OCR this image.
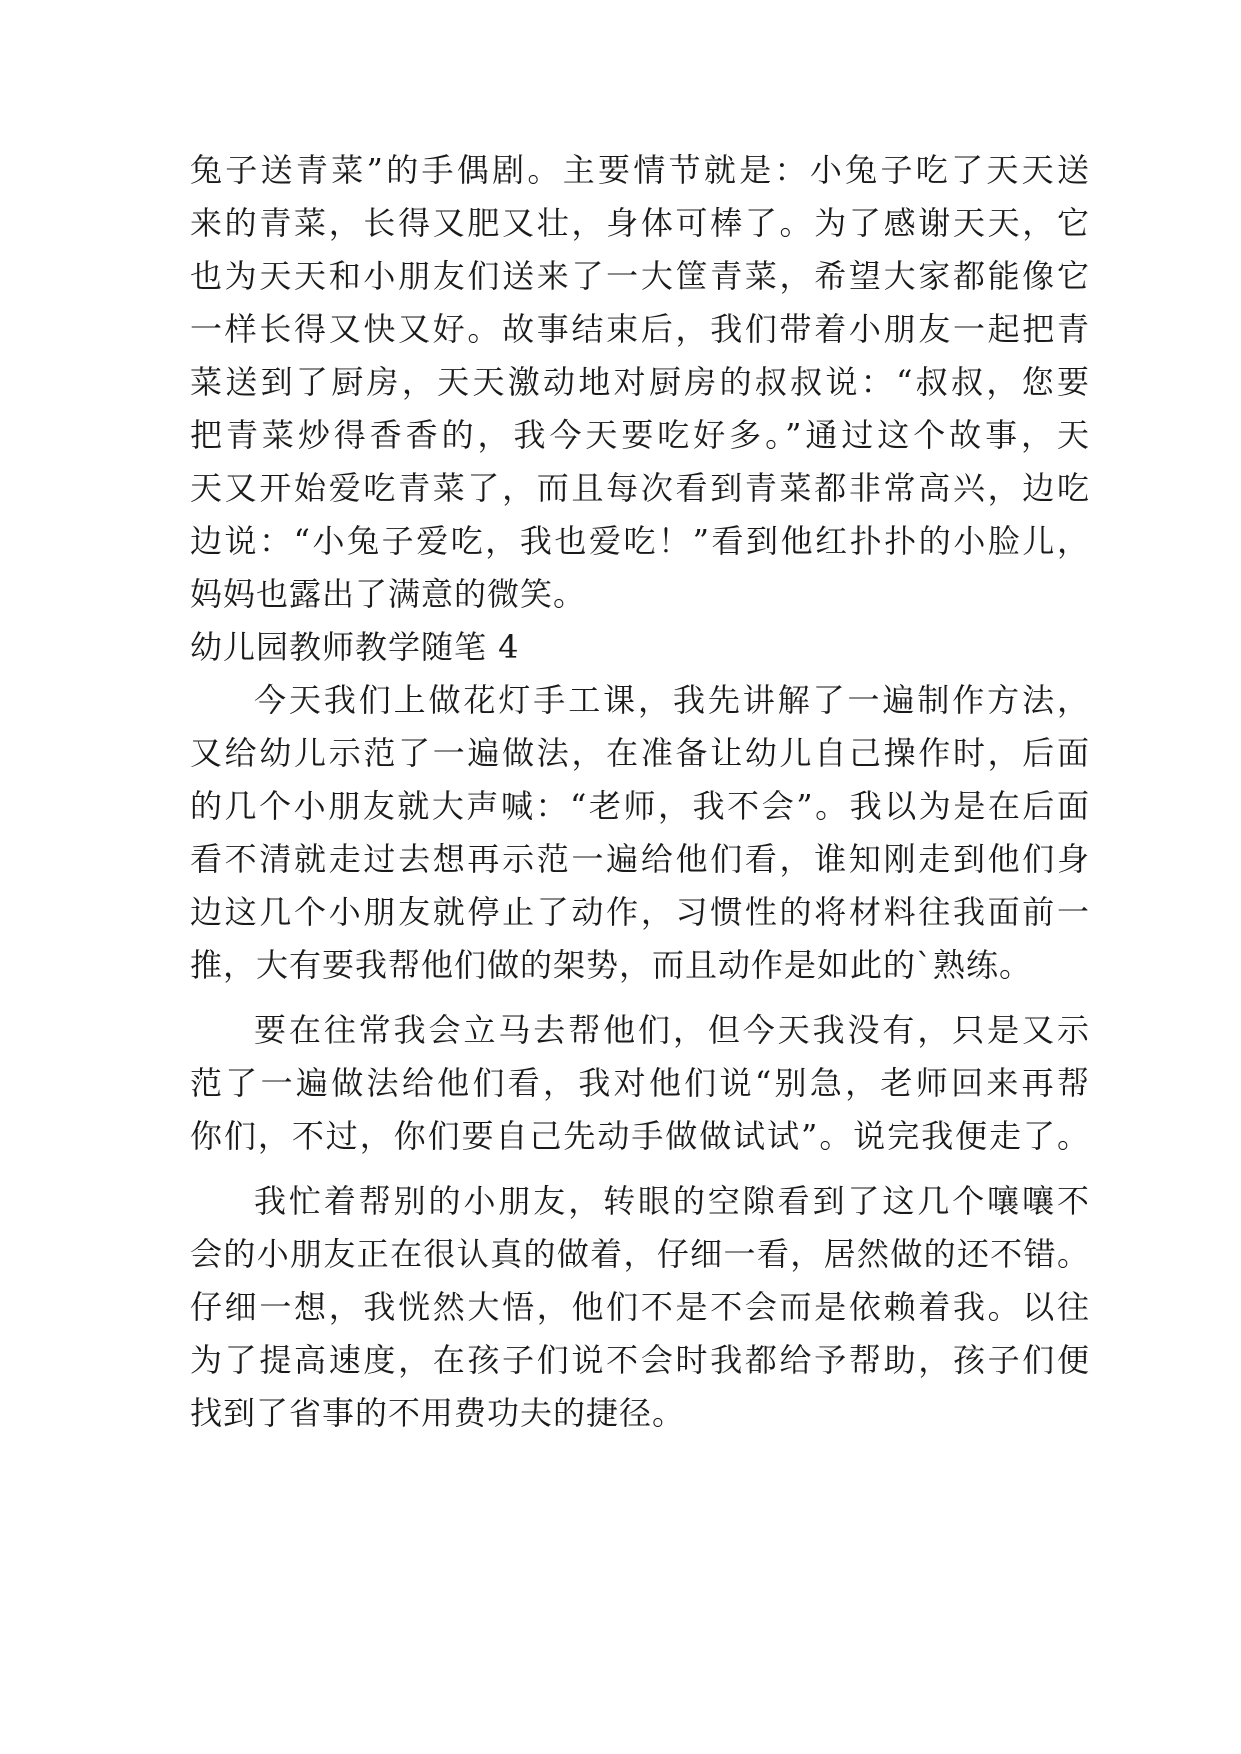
兔子送青菜”的手偶剧。主要情节就是：小兔子吃了天天送
来的青菜，长得又肥又壮，身体可棒了。为了感谢天天，它
也为天天和小朋友们送来了一大筐青菜，希望大家都能像它
一样长得又快又好。故事结束后，我们带着小朋友一起把青
菜送到了厨房，天天激动地对厨房的叔叔说：“叔叔，您要
把青菜炒得香香的，我今天要吃好多。”通过这个故事，天
天又开始爱吃青菜了，而且每次看到青菜都非常高兴，边吃
边说：“小兔子爱吃，我也爱吃！”看到他红扑扑的小脸儿，
妈妈也露出了满意的微笑。
幼儿园教师教学随笔 4
今天我们上做花灯手工课，我先讲解了一遍制作方法，
又给幼儿示范了一遍做法，在准备让幼儿自己操作时，后面
的几个小朋友就大声喊：“老师，我不会”。我以为是在后面
看不清就走过去想再示范一遍给他们看，谁知刚走到他们身
边这几个小朋友就停止了动作，习惯性的将材料往我面前一
推，大有要我帮他们做的架势，而且动作是如此的`熟练。
要在往常我会立马去帮他们，但今天我没有，只是又示
范了一遍做法给他们看，我对他们说“别急，老师回来再帮
你们，不过，你们要自己先动手做做试试”。说完我便走了。
我忙着帮别的小朋友，转眼的空隙看到了这几个嚷嚷不
会的小朋友正在很认真的做着，仔细一看，居然做的还不错。
仔细一想，我恍然大悟，他们不是不会而是依赖着我。以往
为了提高速度，在孩子们说不会时我都给予帮助，孩子们便
找到了省事的不用费功夫的捷径。
